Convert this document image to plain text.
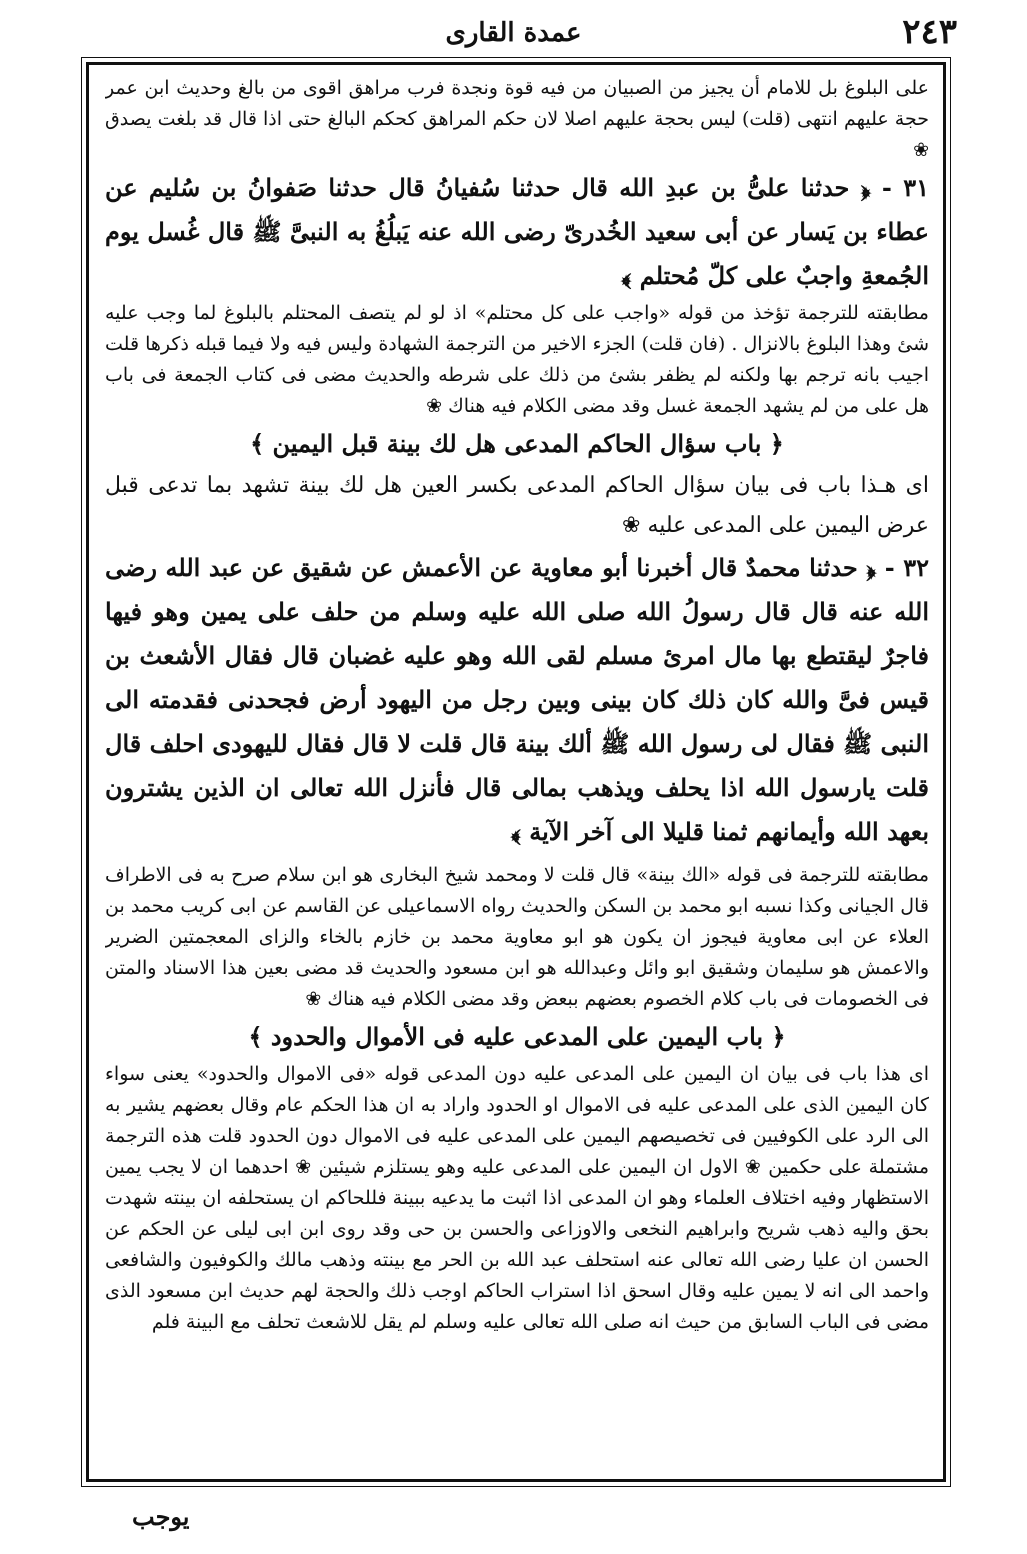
٢٤٣
عمدة القارى

على البلوغ بل للامام أن يجيز من الصبيان من فيه قوة ونجدة فرب مراهق اقوى من بالغ وحديث ابن عمر حجة عليهم انتهى (قلت) ليس بحجة عليهم اصلا لان حكم المراهق كحكم البالغ حتى اذا قال قد بلغت يصدق ❀

٣١ - ﴿ حدثنا علىُّ بن عبدِ الله قال حدثنا سُفيانُ قال حدثنا صَفوانُ بن سُليم عن عطاء بن يَسار عن أبى سعيد الخُدرىّ رضى الله عنه يَبلُغُ به النبىَّ ﷺ قال غُسل يوم الجُمعةِ واجبٌ على كلّ مُحتلم ﴾

مطابقته للترجمة تؤخذ من قوله «واجب على كل محتلم» اذ لو لم يتصف المحتلم بالبلوغ لما وجب عليه شئ وهذا البلوغ بالانزال . (فان قلت) الجزء الاخير من الترجمة الشهادة وليس فيه ولا فيما قبله ذكرها قلت اجيب بانه ترجم بها ولكنه لم يظفر بشئ من ذلك على شرطه والحديث مضى فى كتاب الجمعة فى باب هل على من لم يشهد الجمعة غسل وقد مضى الكلام فيه هناك ❀

﴿ باب سؤال الحاكم المدعى هل لك بينة قبل اليمين ﴾

اى هـذا باب فى بيان سؤال الحاكم المدعى بكسر العين هل لك بينة تشهد بما تدعى قبل عرض اليمين على المدعى عليه ❀

٣٢ - ﴿ حدثنا محمدٌ قال أخبرنا أبو معاوية عن الأعمش عن شقيق عن عبد الله رضى الله عنه قال قال رسولُ الله صلى الله عليه وسلم من حلف على يمين وهو فيها فاجرٌ ليقتطع بها مال امرئ مسلم لقى الله وهو عليه غضبان قال فقال الأشعث بن قيس فىَّ والله كان ذلك كان بينى وبين رجل من اليهود أرض فجحدنى فقدمته الى النبى ﷺ فقال لى رسول الله ﷺ ألك بينة قال قلت لا قال فقال لليهودى احلف قال قلت يارسول الله اذا يحلف ويذهب بمالى قال فأنزل الله تعالى ان الذين يشترون بعهد الله وأيمانهم ثمنا قليلا الى آخر الآية ﴾

مطابقته للترجمة فى قوله «الك بينة» قال قلت لا ومحمد شيخ البخارى هو ابن سلام صرح به فى الاطراف قال الجيانى وكذا نسبه ابو محمد بن السكن والحديث رواه الاسماعيلى عن القاسم عن ابى كريب محمد بن العلاء عن ابى معاوية فيجوز ان يكون هو ابو معاوية محمد بن خازم بالخاء والزاى المعجمتين الضرير والاعمش هو سليمان وشقيق ابو وائل وعبدالله هو ابن مسعود والحديث قد مضى بعين هذا الاسناد والمتن فى الخصومات فى باب كلام الخصوم بعضهم ببعض وقد مضى الكلام فيه هناك ❀

﴿ باب اليمين على المدعى عليه فى الأموال والحدود ﴾

اى هذا باب فى بيان ان اليمين على المدعى عليه دون المدعى قوله «فى الاموال والحدود» يعنى سواء كان اليمين الذى على المدعى عليه فى الاموال او الحدود واراد به ان هذا الحكم عام وقال بعضهم يشير به الى الرد على الكوفيين فى تخصيصهم اليمين على المدعى عليه فى الاموال دون الحدود قلت هذه الترجمة مشتملة على حكمين ❀ الاول ان اليمين على المدعى عليه وهو يستلزم شيئين ❀ احدهما ان لا يجب يمين الاستظهار وفيه اختلاف العلماء وهو ان المدعى اذا اثبت ما يدعيه ببينة فللحاكم ان يستحلفه ان بينته شهدت بحق واليه ذهب شريح وابراهيم النخعى والاوزاعى والحسن بن حى وقد روى ابن ابى ليلى عن الحكم عن الحسن ان عليا رضى الله تعالى عنه استحلف عبد الله بن الحر مع بينته وذهب مالك والكوفيون والشافعى واحمد الى انه لا يمين عليه وقال اسحق اذا استراب الحاكم اوجب ذلك والحجة لهم حديث ابن مسعود الذى مضى فى الباب السابق من حيث انه صلى الله تعالى عليه وسلم لم يقل للاشعث تحلف مع البينة فلم

يوجب
